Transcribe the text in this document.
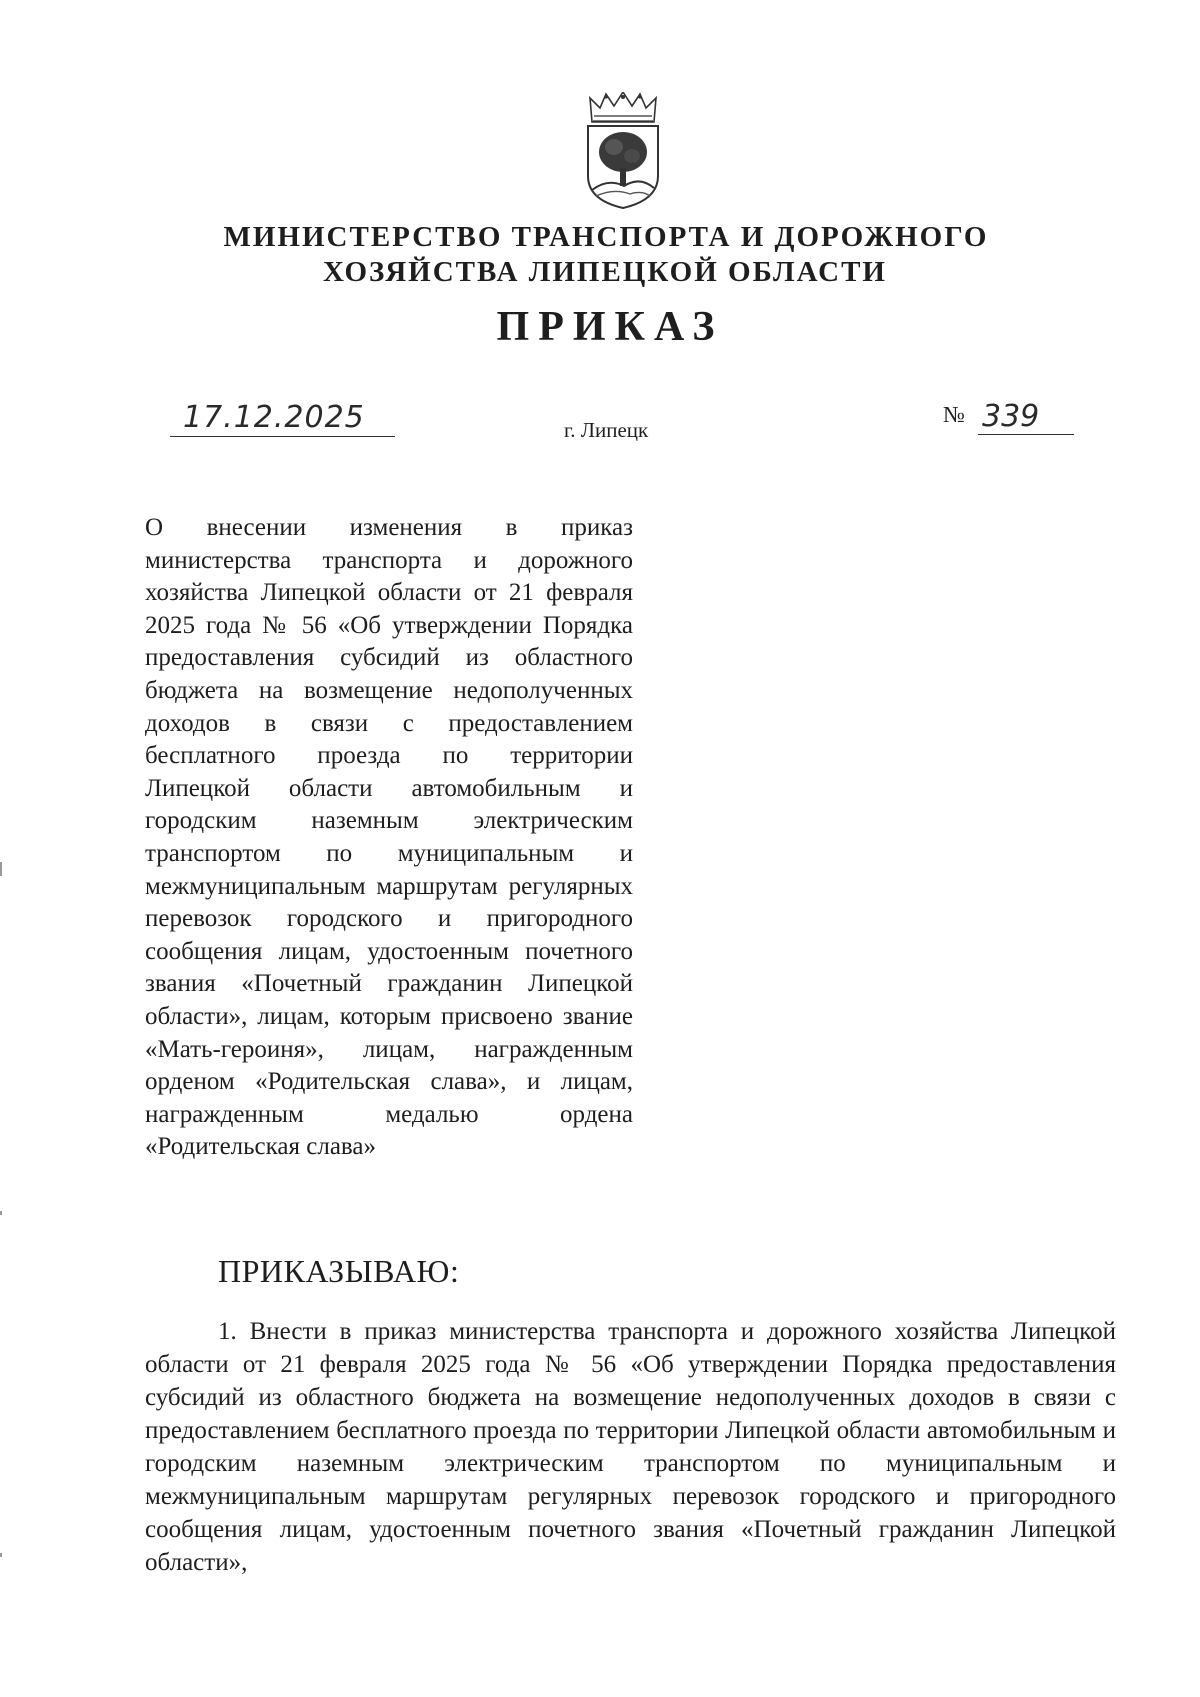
МИНИСТЕРСТВО ТРАНСПОРТА И ДОРОЖНОГО
ХОЗЯЙСТВА ЛИПЕЦКОЙ ОБЛАСТИ
ПРИКАЗ
17.12.2025	г. Липецк
№ 339
О внесении изменения в приказ министерства транспорта и дорожного хозяйства Липецкой области от 21 февраля 2025 года № 56 «Об утверждении Порядка предоставления субсидий из областного бюджета на возмещение недополученных доходов в связи с предоставлением бесплатного проезда по территории Липецкой области автомобильным и городским наземным электрическим транспортом по муниципальным и межмуниципальным маршрутам регулярных перевозок городского и пригородного сообщения лицам, удостоенным почетного звания «Почетный гражданин Липецкой области», лицам, которым присвоено звание «Мать-героиня», лицам, награжденным орденом «Родительская слава», и лицам, награжденным медалью ордена «Родительская слава»
ПРИКАЗЫВАЮ:

1. Внести в приказ министерства транспорта и дорожного хозяйства Липецкой области от 21 февраля 2025 года № 56 «Об утверждении Порядка предоставления субсидий из областного бюджета на возмещение недополученных доходов в связи с предоставлением бесплатного проезда по территории Липецкой области автомобильным и городским наземным электрическим транспортом по муниципальным и межмуниципальным маршрутам регулярных перевозок городского и пригородного сообщения лицам, удостоенным почетного звания «Почетный гражданин Липецкой области»,
